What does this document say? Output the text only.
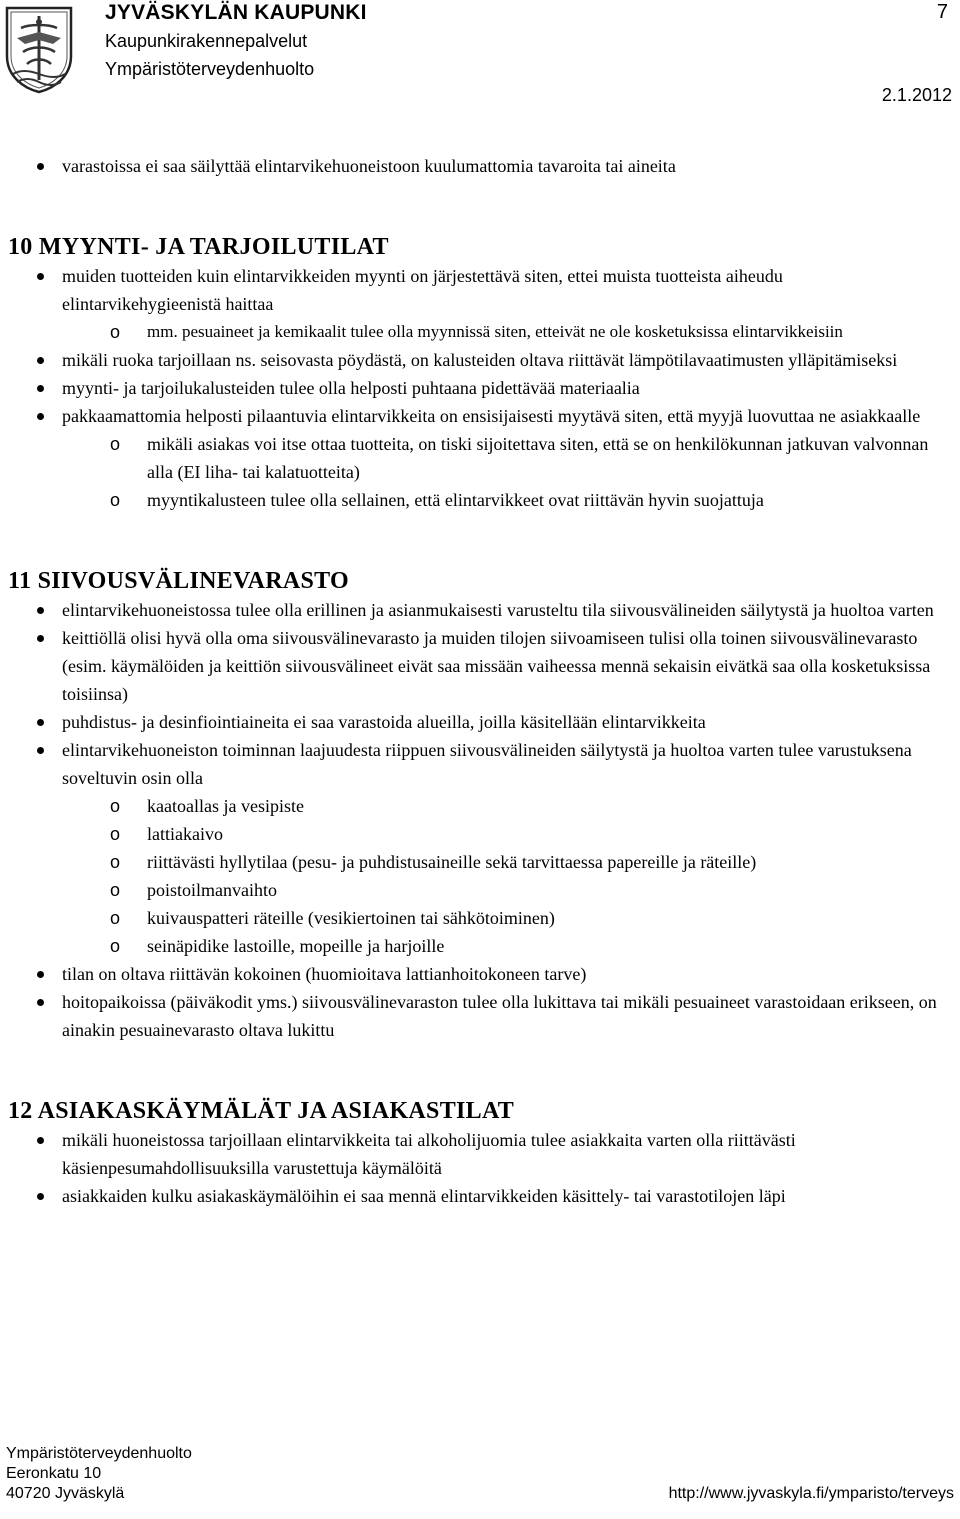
JYVÄSKYLÄN KAUPUNKI
Kaupunkirakennepalvelut
Ympäristöterveydenhuolto
7
2.1.2012
varastoissa ei saa säilyttää elintarvikehuoneistoon kuulumattomia tavaroita tai aineita
10 MYYNTI- JA TARJOILUTILAT
muiden tuotteiden kuin elintarvikkeiden myynti on järjestettävä siten, ettei muista tuotteista aiheudu elintarvikehygieenistä haittaa
o mm. pesuaineet ja kemikaalit tulee olla myynnissä siten, etteivät ne ole kosketuksissa elintarvikkeisiin
mikäli ruoka tarjoillaan ns. seisovasta pöydästä, on kalusteiden oltava riittävät lämpötilavaatimusten ylläpitämiseksi
myynti- ja tarjoilukalusteiden tulee olla helposti puhtaana pidettävää materiaalia
pakkaamattomia helposti pilaantuvia elintarvikkeita on ensisijaisesti myytävä siten, että myyjä luovuttaa ne asiakkaalle
o mikäli asiakas voi itse ottaa tuotteita, on tiski sijoitettava siten, että se on henkilökunnan jatkuvan valvonnan alla (EI liha- tai kalatuotteita)
o myyntikalusteen tulee olla sellainen, että elintarvikkeet ovat riittävän hyvin suojattuja
11 SIIVOUSVÄLINEVARASTO
elintarvikehuoneistossa tulee olla erillinen ja asianmukaisesti varusteltu tila siivousvälineiden säilytystä ja huoltoa varten
keittiöllä olisi hyvä olla oma siivousvälinevarasto ja muiden tilojen siivoamiseen tulisi olla toinen siivousvälinevarasto (esim. käymälöiden ja keittiön siivousvälineet eivät saa missään vaiheessa mennä sekaisin eivätkä saa olla kosketuksissa toisiinsa)
puhdistus- ja desinfiointiaineita ei saa varastoida alueilla, joilla käsitellään elintarvikkeita
elintarvikehuoneiston toiminnan laajuudesta riippuen siivousvälineiden säilytystä ja huoltoa varten tulee varustuksena soveltuvin osin olla
o kaatoallas ja vesipiste
o lattiakaivo
o riittävästi hyllytilaa (pesu- ja puhdistusaineille sekä tarvittaessa papereille ja räteille)
o poistoilmanvaihto
o kuivauspatteri räteille (vesikiertoinen tai sähkötoiminen)
o seinäpidike lastoille, mopeille ja harjoille
tilan on oltava riittävän kokoinen (huomioitava lattianhoitokoneen tarve)
hoitopaikoissa (päiväkodit yms.) siivousvälinevaraston tulee olla lukittava tai mikäli pesuaineet varastoidaan erikseen, on ainakin pesuainevarasto oltava lukittu
12 ASIAKASKÄYMÄLÄT JA ASIAKASTILAT
mikäli huoneistossa tarjoillaan elintarvikkeita tai alkoholijuomia tulee asiakkaita varten olla riittävästi käsienpesumahdollisuuksilla varustettuja käymälöitä
asiakkaiden kulku asiakaskäymälöihin ei saa mennä elintarvikkeiden käsittely- tai varastotilojen läpi
Ympäristöterveydenhuolto
Eeronkatu 10
40720 Jyväskylä	http://www.jyvaskyla.fi/ymparisto/terveys
